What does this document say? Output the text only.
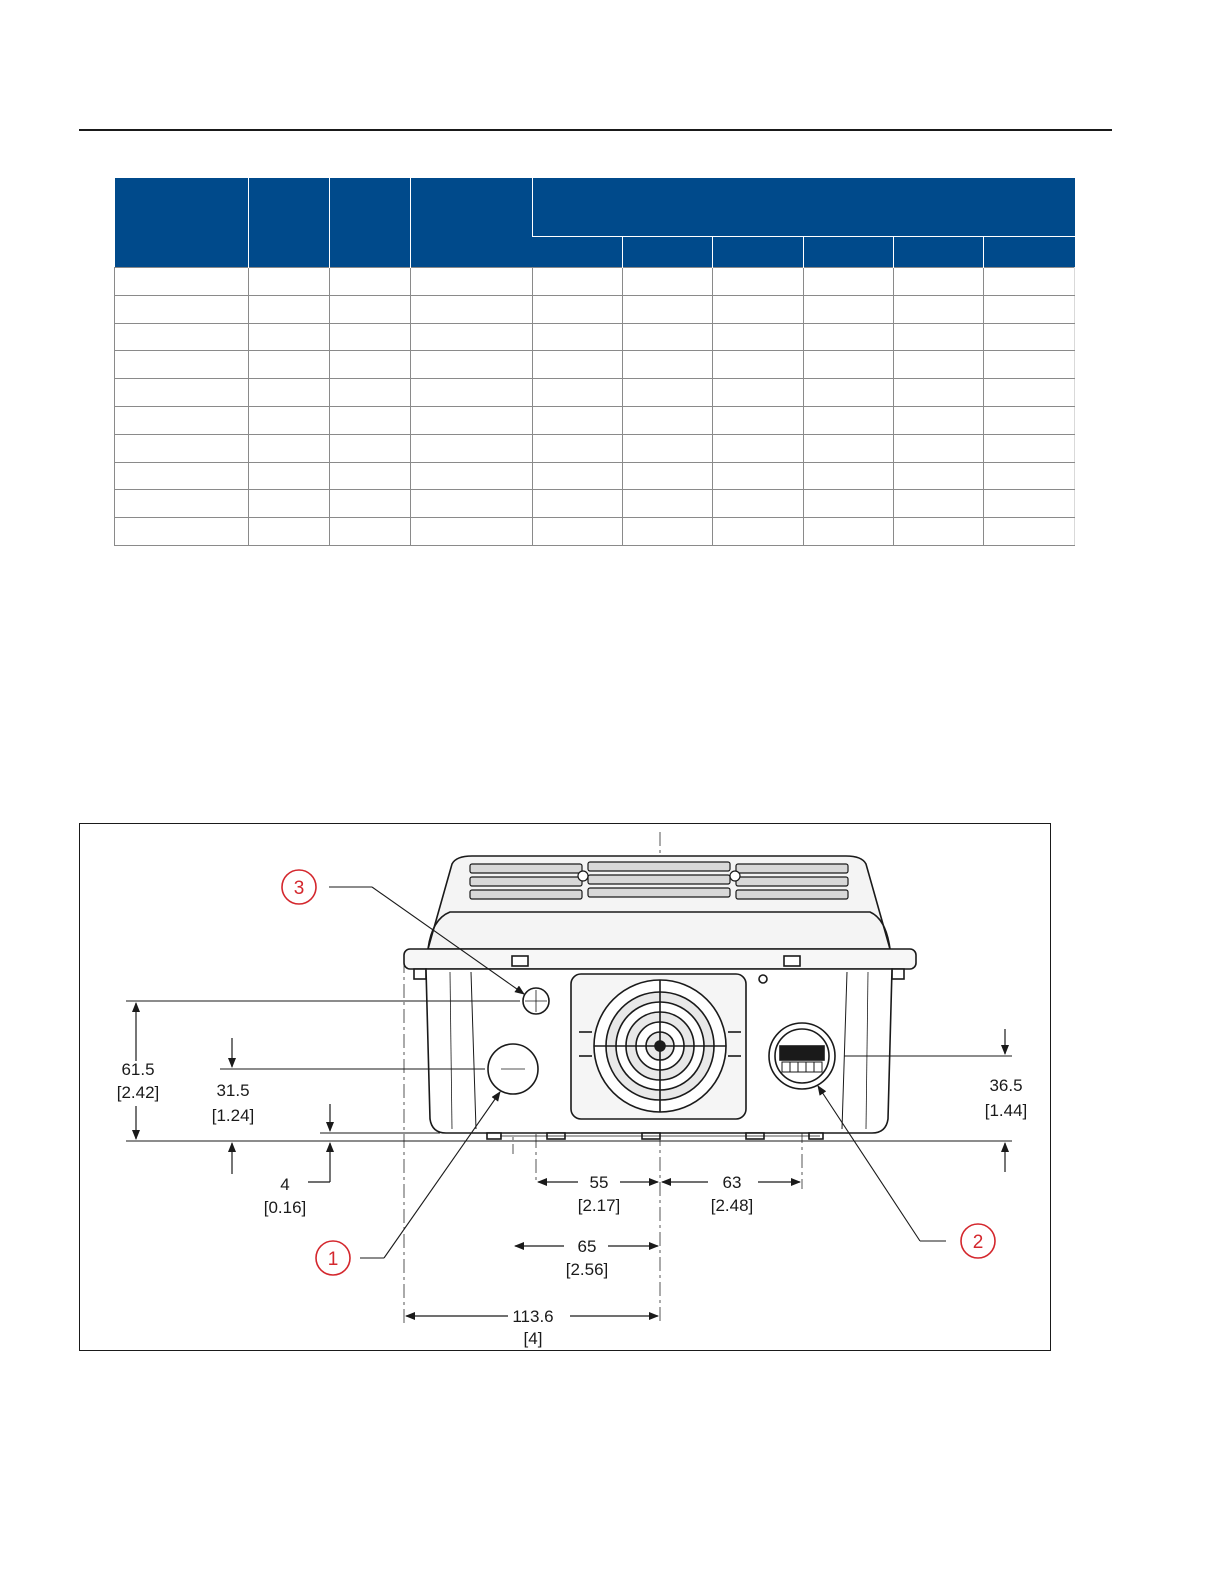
3
1
2
61.5
[2.42]	31.5
[1.24]
4
[0.16]
55
[2.17]
63
[2.48]
65
[2.56]
113.6
[4]
36.5
[1.44]
